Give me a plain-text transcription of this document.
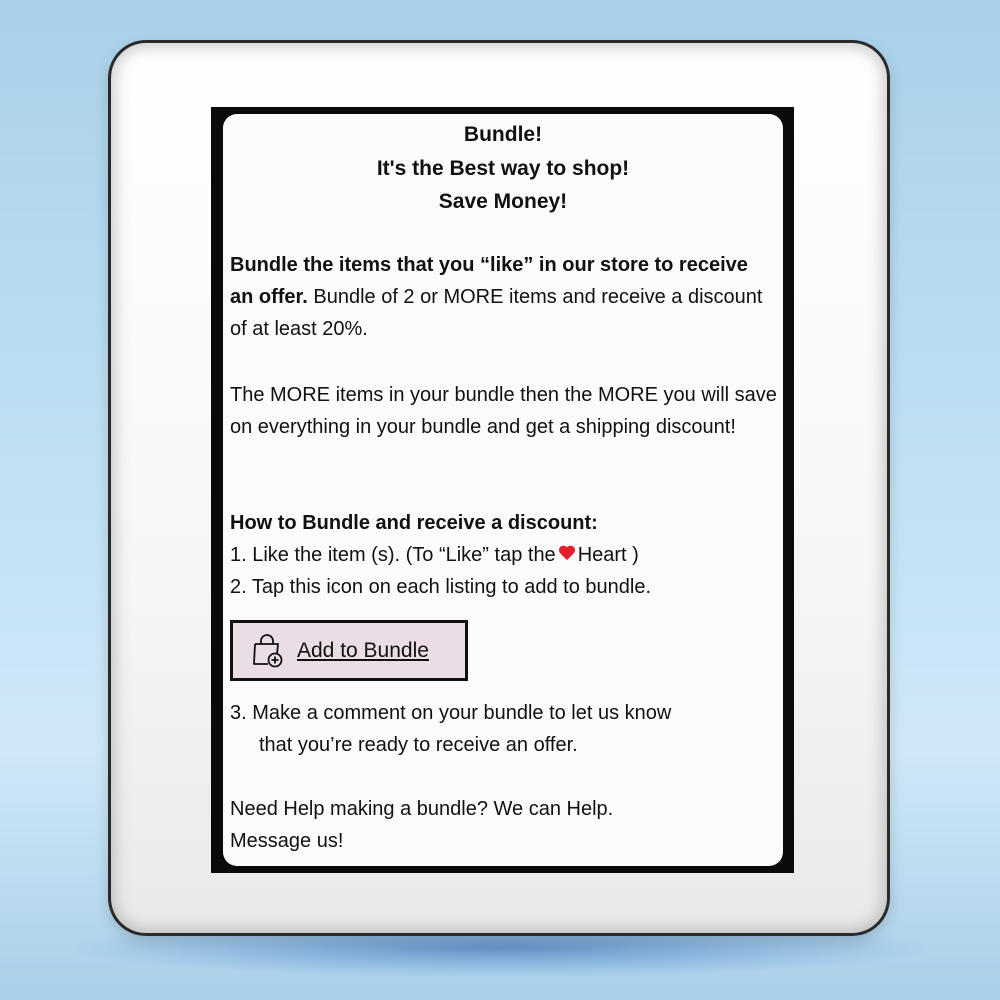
Bundle!
It's the Best way to shop!
Save Money!
Bundle the items that you “like” in our store to receive an offer. Bundle of 2 or MORE items and receive a discount of at least 20%.
The MORE items in your bundle then the MORE you will save on everything in your bundle and get a shipping discount!
How to Bundle and receive a discount:
1. Like the item (s). (To “Like” tap the Heart )
2. Tap this icon on each listing to add to bundle.
3. Make a comment on your bundle to let us know
that you’re ready to receive an offer.
Need Help making a bundle? We can Help.
Message us!
Add to Bundle
